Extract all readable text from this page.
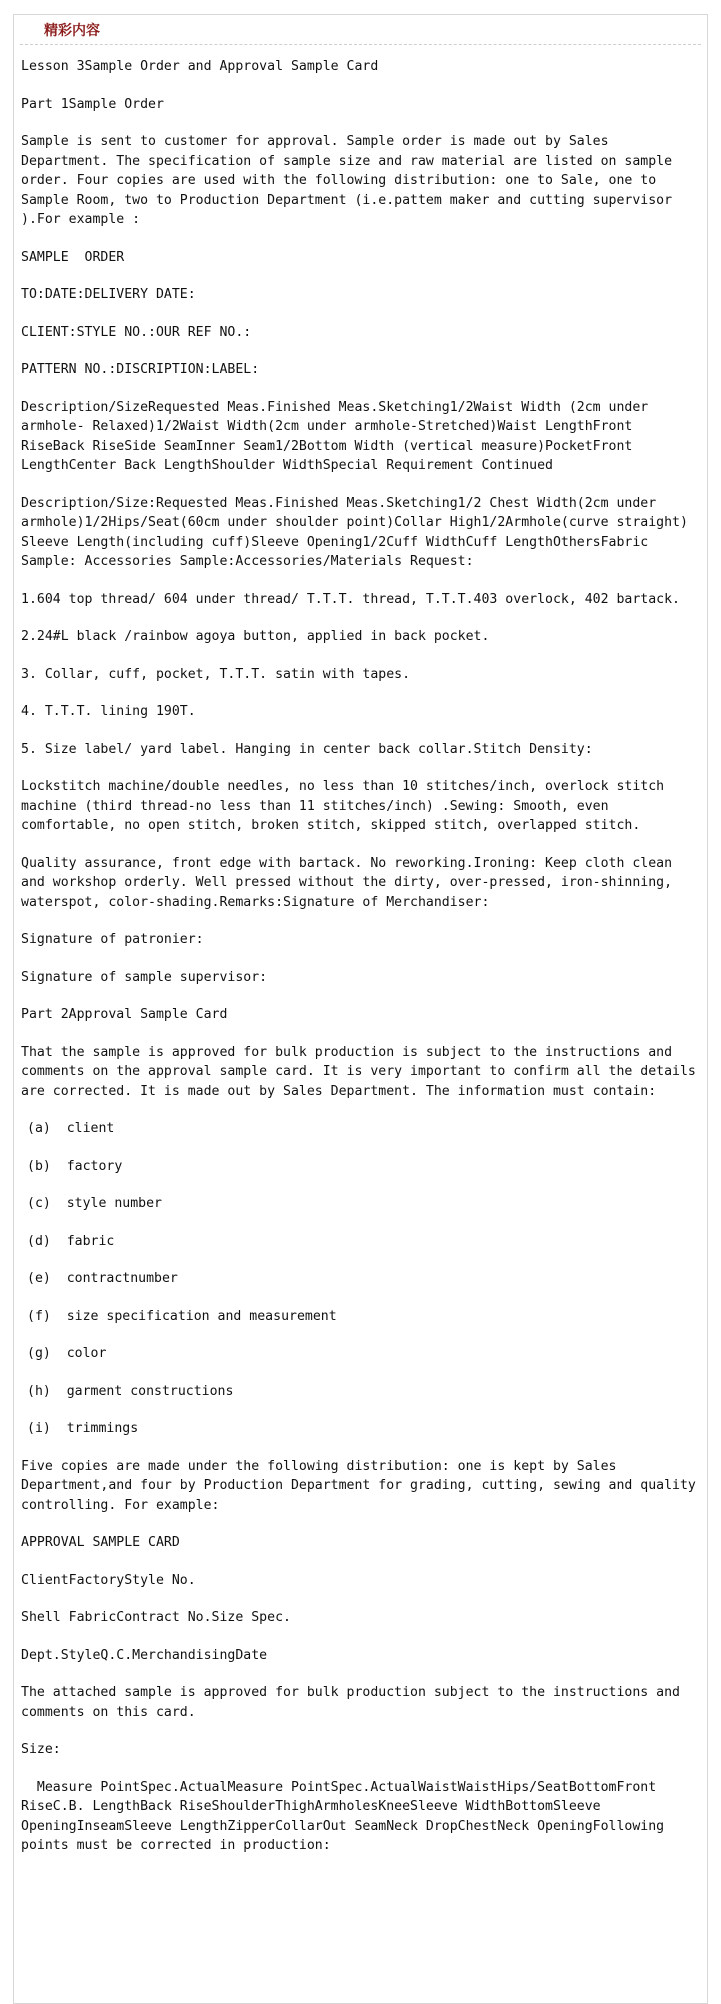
精彩内容

Lesson 3Sample Order and Approval Sample Card

Part 1Sample Order

Sample is sent to customer for approval. Sample order is made out by Sales Department. The specification of sample size and raw material are listed on sample order. Four copies are used with the following distribution: one to Sale, one to Sample Room, two to Production Department (i.e.pattem maker and cutting supervisor ).For example :

SAMPLE  ORDER

TO:DATE:DELIVERY DATE:

CLIENT:STYLE NO.:OUR REF NO.:

PATTERN NO.:DISCRIPTION:LABEL:

Description/SizeRequested Meas.Finished Meas.Sketching1/2Waist Width (2cm under armhole- Relaxed)1/2Waist Width(2cm under armhole-Stretched)Waist LengthFront RiseBack RiseSide SeamInner Seam1/2Bottom Width (vertical measure)PocketFront LengthCenter Back LengthShoulder WidthSpecial Requirement Continued

Description/Size:Requested Meas.Finished Meas.Sketching1/2 Chest Width(2cm under armhole)1/2Hips/Seat(60cm under shoulder point)Collar High1/2Armhole(curve straight) Sleeve Length(including cuff)Sleeve Opening1/2Cuff WidthCuff LengthOthersFabric Sample: Accessories Sample:Accessories/Materials Request:

1.604 top thread/ 604 under thread/ T.T.T. thread, T.T.T.403 overlock, 402 bartack.

2.24#L black /rainbow agoya button, applied in back pocket.

3. Collar, cuff, pocket, T.T.T. satin with tapes.

4. T.T.T. lining 190T.

5. Size label/ yard label. Hanging in center back collar.Stitch Density:

Lockstitch machine/double needles, no less than 10 stitches/inch, overlock stitch machine (third thread-no less than 11 stitches/inch) .Sewing: Smooth, even comfortable, no open stitch, broken stitch, skipped stitch, overlapped stitch.

Quality assurance, front edge with bartack. No reworking.Ironing: Keep cloth clean and workshop orderly. Well pressed without the dirty, over-pressed, iron-shinning, waterspot, color-shading.Remarks:Signature of Merchandiser:

Signature of patronier:

Signature of sample supervisor:

Part 2Approval Sample Card

That the sample is approved for bulk production is subject to the instructions and comments on the approval sample card. It is very important to confirm all the details are corrected. It is made out by Sales Department. The information must contain:

(a)  client

(b)  factory

(c)  style number

(d)  fabric

(e)  contractnumber

(f)  size specification and measurement

(g)  color

(h)  garment constructions

(i)  trimmings

Five copies are made under the following distribution: one is kept by Sales Department,and four by Production Department for grading, cutting, sewing and quality controlling. For example:

APPROVAL SAMPLE CARD

ClientFactoryStyle No.

Shell FabricContract No.Size Spec.

Dept.StyleQ.C.MerchandisingDate

The attached sample is approved for bulk production subject to the instructions and comments on this card.

Size:

Measure PointSpec.ActualMeasure PointSpec.ActualWaistWaistHips/SeatBottomFront RiseC.B. LengthBack RiseShoulderThighArmholesKneeSleeve WidthBottomSleeve OpeningInseamSleeve LengthZipperCollarOut SeamNeck DropChestNeck OpeningFollowing points must be corrected in production:
